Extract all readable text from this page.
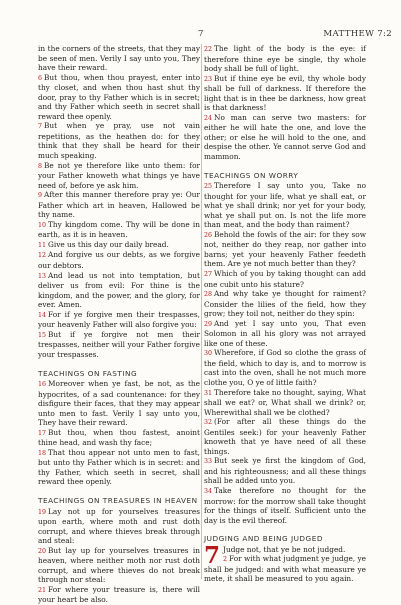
7	MATTHEW 7:2

in the corners of the streets, that they may be seen of men. Verily I say unto you, They have their reward.

6 But thou, when thou prayest, enter into thy closet, and when thou hast shut thy door, pray to thy Father which is in secret; and thy Father which seeth in secret shall reward thee openly.

7 But when ye pray, use not vain repetitions, as the heathen do: for they think that they shall be heard for their much speaking.

8 Be not ye therefore like unto them: for your Father knoweth what things ye have need of, before ye ask him.

9 After this manner therefore pray ye: Our Father which art in heaven, Hallowed be thy name.

10 Thy kingdom come. Thy will be done in earth, as it is in heaven.

11 Give us this day our daily bread.

12 And forgive us our debts, as we forgive our debtors.

13 And lead us not into temptation, but deliver us from evil: For thine is the kingdom, and the power, and the glory, for ever. Amen.

14 For if ye forgive men their trespasses, your heavenly Father will also forgive you:

15 But if ye forgive not men their trespasses, neither will your Father forgive your trespasses.

TEACHINGS ON FASTING

16 Moreover when ye fast, be not, as the hypocrites, of a sad countenance: for they disfigure their faces, that they may appear unto men to fast. Verily I say unto you, They have their reward.

17 But thou, when thou fastest, anoint thine head, and wash thy face;

18 That thou appear not unto men to fast, but unto thy Father which is in secret: and thy Father, which seeth in secret, shall reward thee openly.

TEACHINGS ON TREASURES IN HEAVEN

19 Lay not up for yourselves treasures upon earth, where moth and rust doth corrupt, and where thieves break through and steal:

20 But lay up for yourselves treasures in heaven, where neither moth nor rust doth corrupt, and where thieves do not break through nor steal:

21 For where your treasure is, there will your heart be also.

22 The light of the body is the eye: if therefore thine eye be single, thy whole body shall be full of light.

23 But if thine eye be evil, thy whole body shall be full of darkness. If therefore the light that is in thee be darkness, how great is that darkness!

24 No man can serve two masters: for either he will hate the one, and love the other; or else he will hold to the one, and despise the other. Ye cannot serve God and mammon.

TEACHINGS ON WORRY

25 Therefore I say unto you, Take no thought for your life, what ye shall eat, or what ye shall drink; nor yet for your body, what ye shall put on. Is not the life more than meat, and the body than raiment?

26 Behold the fowls of the air: for they sow not, neither do they reap, nor gather into barns; yet your heavenly Father feedeth them. Are ye not much better than they?

27 Which of you by taking thought can add one cubit unto his stature?

28 And why take ye thought for raiment? Consider the lilies of the field, how they grow; they toil not, neither do they spin:

29 And yet I say unto you, That even Solomon in all his glory was not arrayed like one of these.

30 Wherefore, if God so clothe the grass of the field, which to day is, and to morrow is cast into the oven, shall he not much more clothe you, O ye of little faith?

31 Therefore take no thought, saying, What shall we eat? or, What shall we drink? or, Wherewithal shall we be clothed?

32 (For after all these things do the Gentiles seek:) for your heavenly Father knoweth that ye have need of all these things.

33 But seek ye first the kingdom of God, and his righteousness; and all these things shall be added unto you.

34 Take therefore no thought for the morrow: for the morrow shall take thought for the things of itself. Sufficient unto the day is the evil thereof.

JUDGING AND BEING JUDGED

7 Judge not, that ye be not judged.

2 For with what judgment ye judge, ye shall be judged: and with what measure ye mete, it shall be measured to you again.
